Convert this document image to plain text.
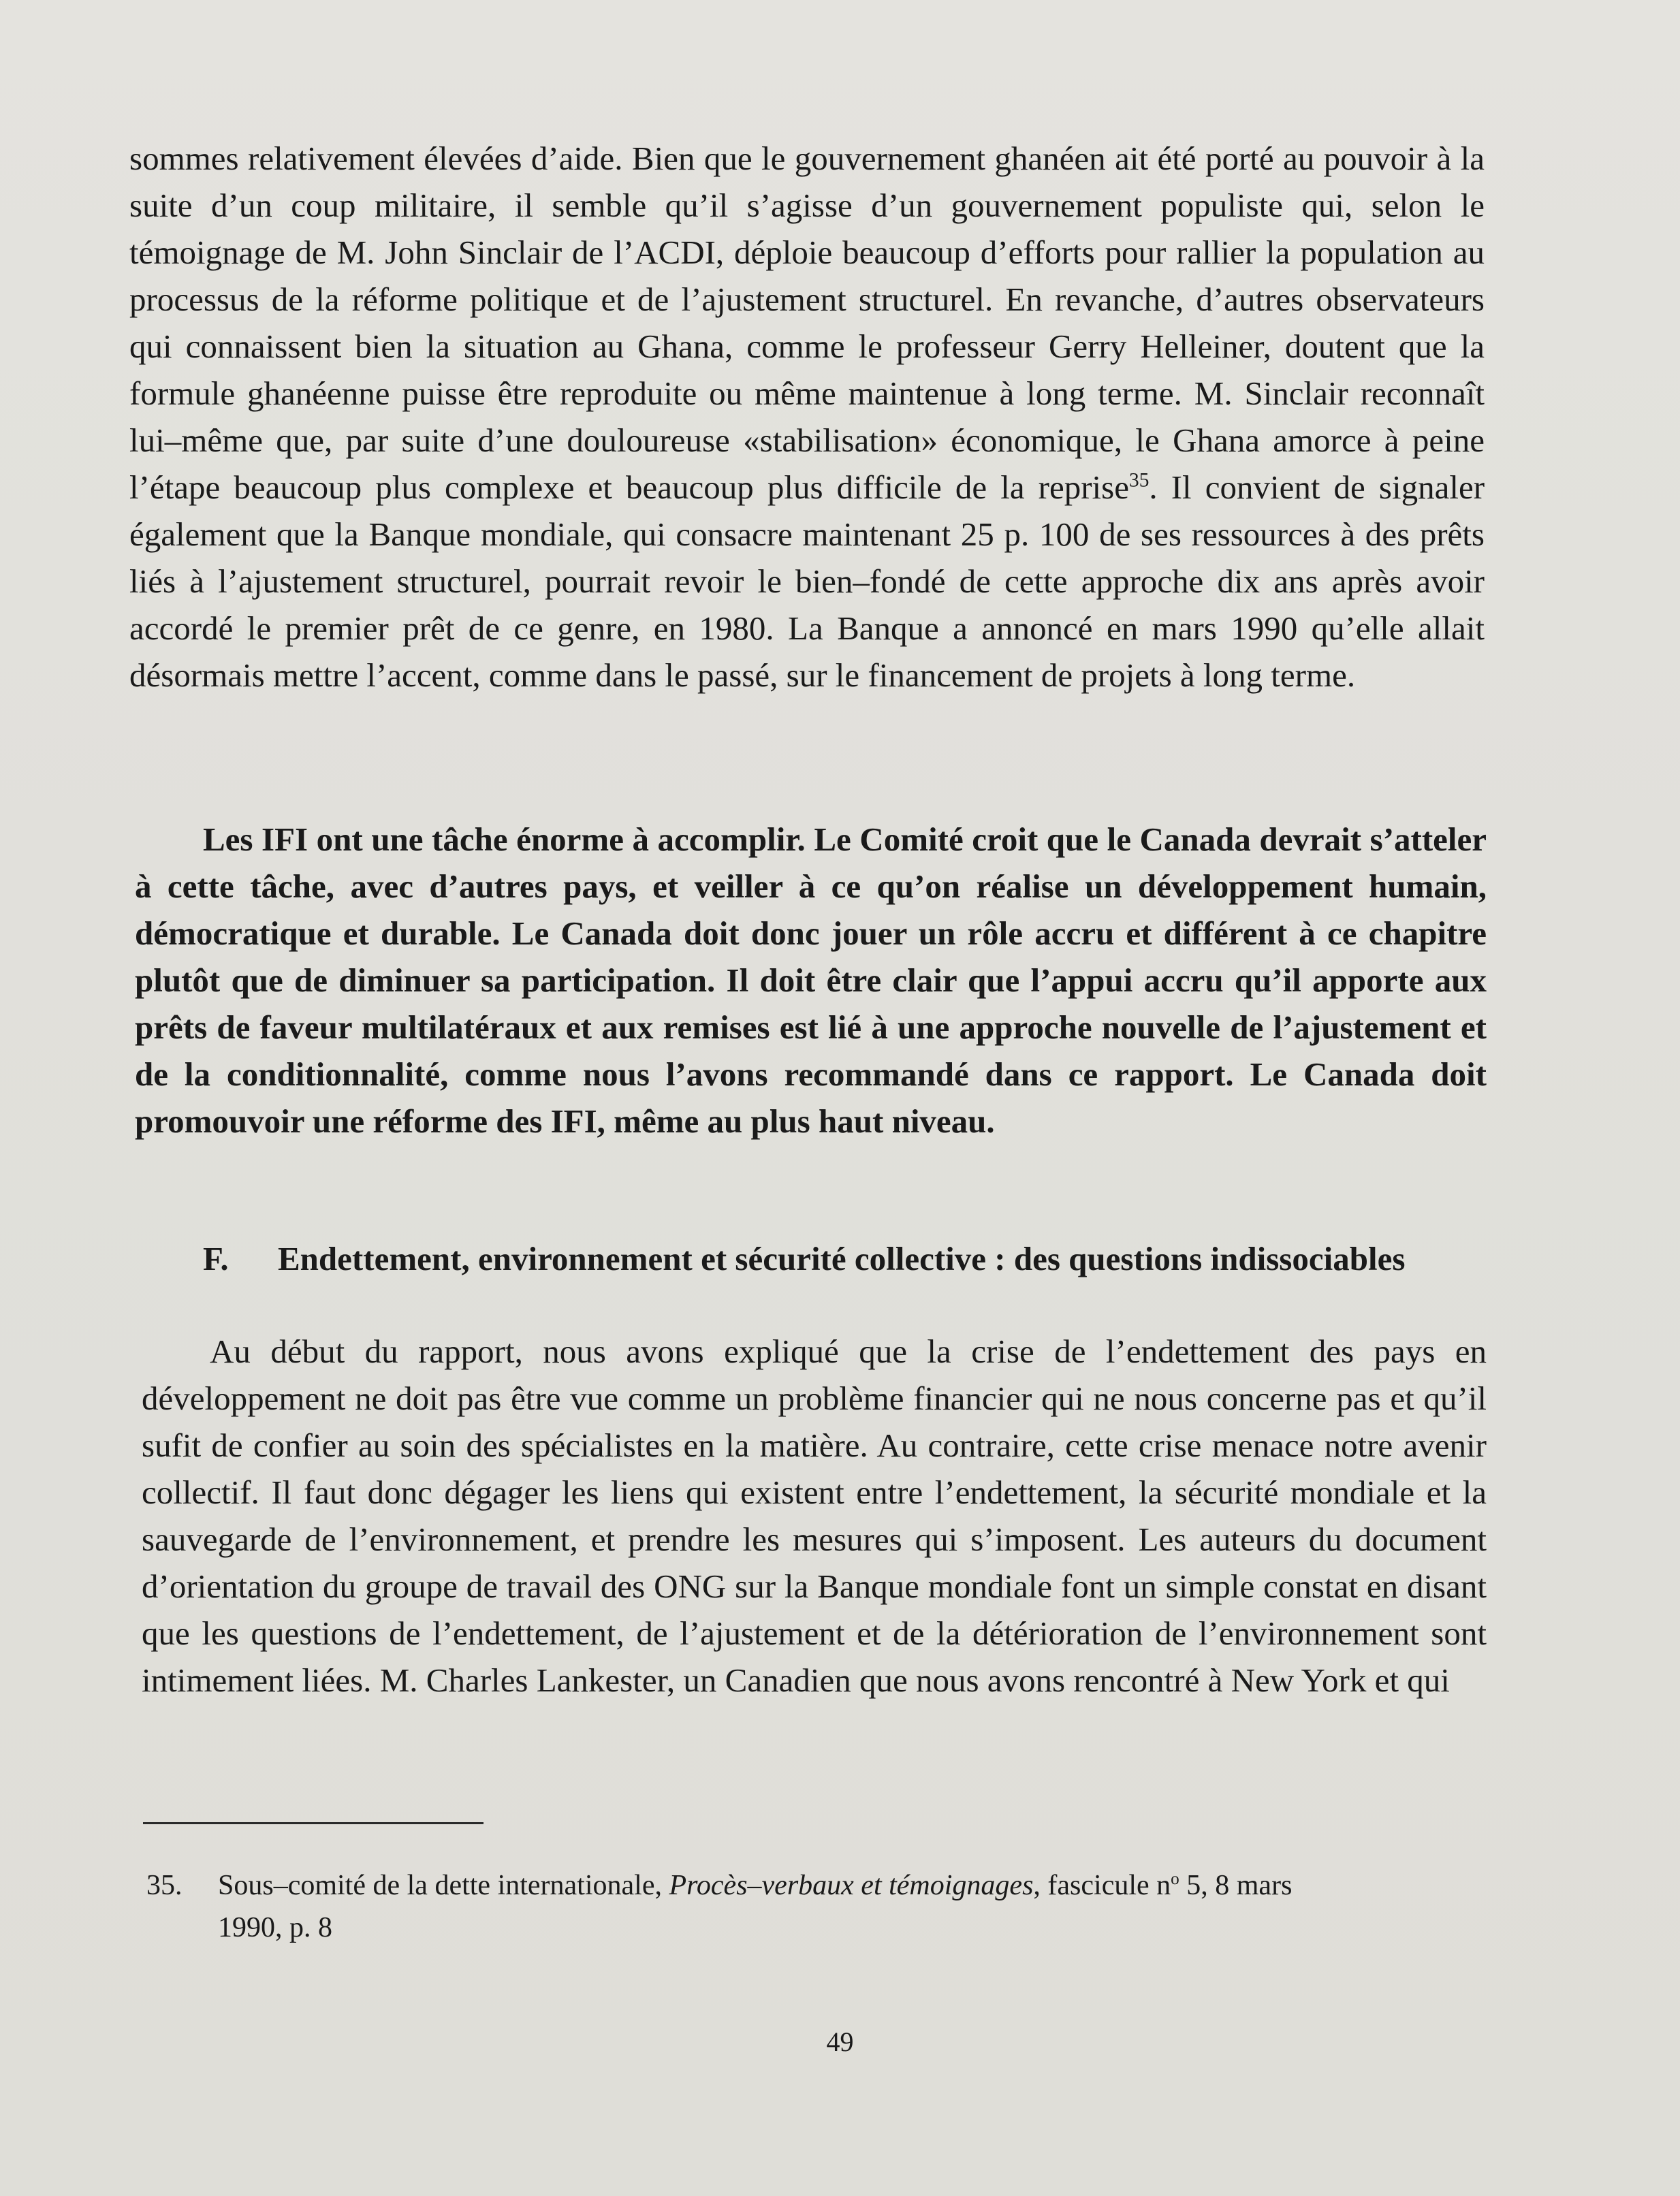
sommes relativement élevées d’aide. Bien que le gouvernement ghanéen ait été porté au pouvoir à la suite d’un coup militaire, il semble qu’il s’agisse d’un gouvernement populiste qui, selon le témoignage de M. John Sinclair de l’ACDI, déploie beaucoup d’efforts pour rallier la population au processus de la réforme politique et de l’ajustement structurel. En revanche, d’autres observateurs qui connaissent bien la situation au Ghana, comme le professeur Gerry Helleiner, doutent que la formule ghanéenne puisse être reproduite ou même maintenue à long terme. M. Sinclair reconnaît lui–même que, par suite d’une douloureuse «stabilisation» économique, le Ghana amorce à peine l’étape beaucoup plus complexe et beaucoup plus difficile de la reprise$^{35}$. Il convient de signaler également que la Banque mondiale, qui consacre maintenant 25 p. 100 de ses ressources à des prêts liés à l’ajustement structurel, pourrait revoir le bien–fondé de cette approche dix ans après avoir accordé le premier prêt de ce genre, en 1980. La Banque a annoncé en mars 1990 qu’elle allait désormais mettre l’accent, comme dans le passé, sur le financement de projets à long terme.

Les IFI ont une tâche énorme à accomplir. Le Comité croit que le Canada devrait s’atteler à cette tâche, avec d’autres pays, et veiller à ce qu’on réalise un développement humain, démocratique et durable. Le Canada doit donc jouer un rôle accru et différent à ce chapitre plutôt que de diminuer sa participation. Il doit être clair que l’appui accru qu’il apporte aux prêts de faveur multilatéraux et aux remises est lié à une approche nouvelle de l’ajustement et de la conditionnalité, comme nous l’avons recommandé dans ce rapport. Le Canada doit promouvoir une réforme des IFI, même au plus haut niveau.

F. Endettement, environnement et sécurité collective : des questions indissociables

Au début du rapport, nous avons expliqué que la crise de l’endettement des pays en développement ne doit pas être vue comme un problème financier qui ne nous concerne pas et qu’il sufit de confier au soin des spécialistes en la matière. Au contraire, cette crise menace notre avenir collectif. Il faut donc dégager les liens qui existent entre l’endettement, la sécurité mondiale et la sauvegarde de l’environnement, et prendre les mesures qui s’imposent. Les auteurs du document d’orientation du groupe de travail des ONG sur la Banque mondiale font un simple constat en disant que les questions de l’endettement, de l’ajustement et de la détérioration de l’environnement sont intimement liées. M. Charles Lankester, un Canadien que nous avons rencontré à New York et qui

35. Sous–comité de la dette internationale, Procès–verbaux et témoignages, fascicule $n^o$ 5, 8 mars
1990, p. 8

49
